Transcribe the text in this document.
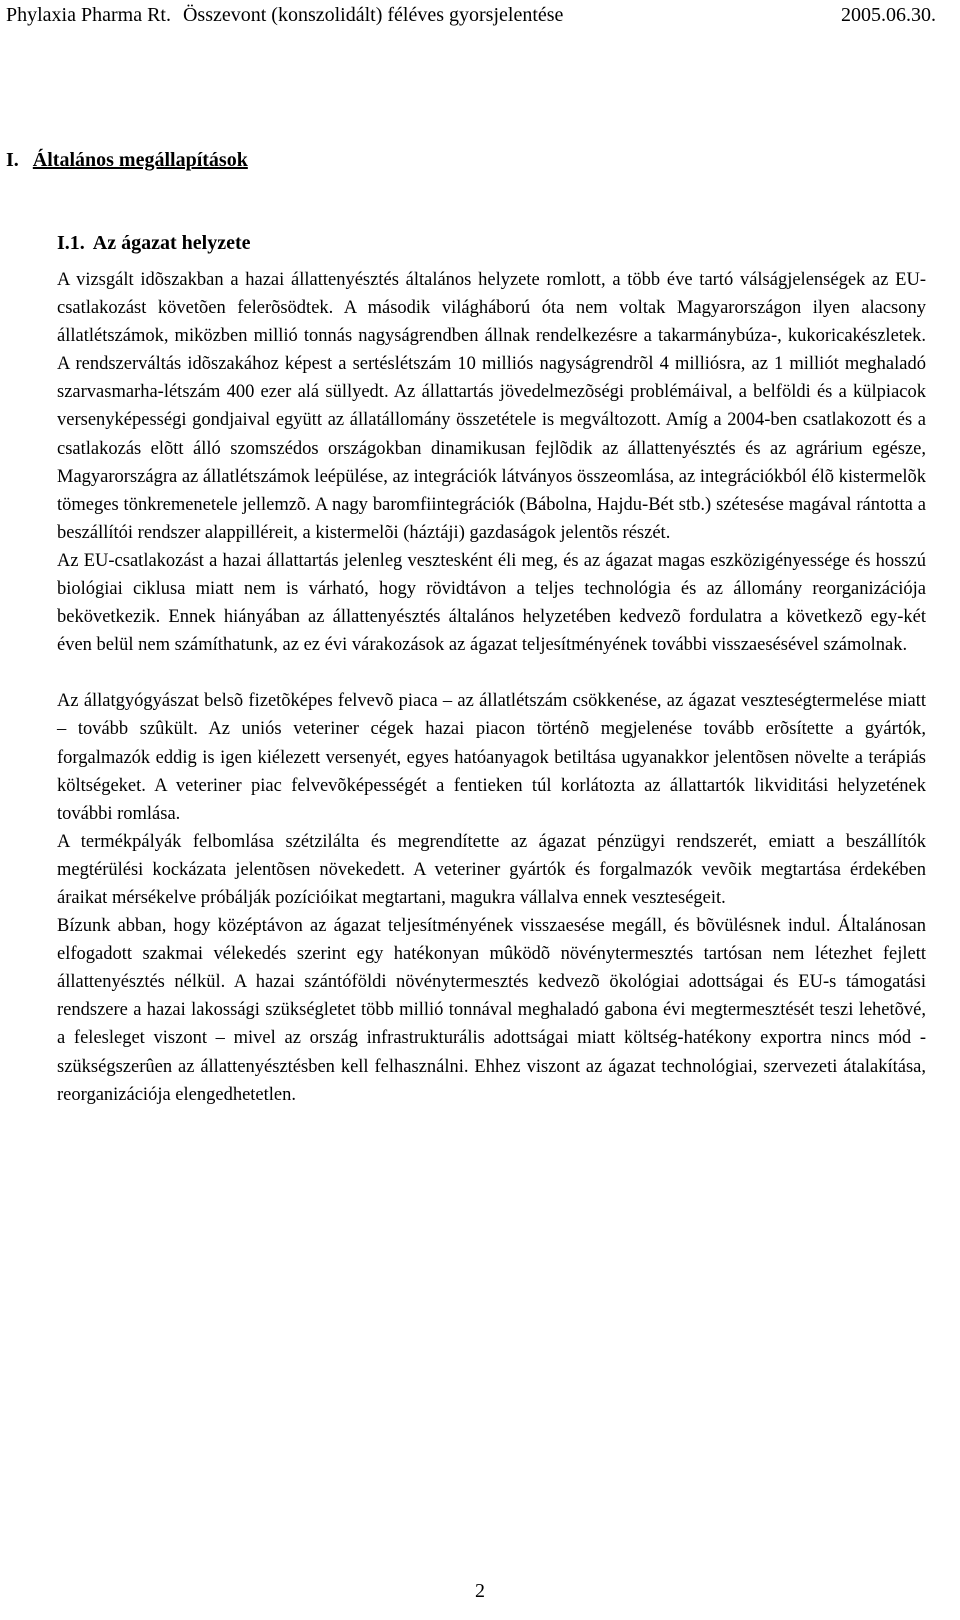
Phylaxia Pharma Rt. Összevont (konszolidált) féléves gyorsjelentése	2005.06.30.
I. Általános megállapítások
I.1. Az ágazat helyzete

A vizsgált idõszakban a hazai állattenyésztés általános helyzete romlott, a több éve tartó válságjelenségek az EU-csatlakozást követõen felerõsödtek. A második világháború óta nem voltak Magyarországon ilyen alacsony állatlétszámok, miközben millió tonnás nagyságrendben állnak rendelkezésre a takarmánybúza-, kukoricakészletek. A rendszerváltás idõszakához képest a sertéslétszám 10 milliós nagyságrendrõl 4 milliósra, az 1 milliót meghaladó szarvasmarha-létszám 400 ezer alá süllyedt. Az állattartás jövedelmezõségi problémáival, a belföldi és a külpiacok versenyképességi gondjaival együtt az állatállomány összetétele is megváltozott. Amíg a 2004-ben csatlakozott és a csatlakozás elõtt álló szomszédos országokban dinamikusan fejlõdik az állattenyésztés és az agrárium egésze, Magyarországra az állatlétszámok leépülése, az integrációk látványos összeomlása, az integrációkból élõ kistermelõk tömeges tönkremenetele jellemzõ. A nagy baromfiintegrációk (Bábolna, Hajdu-Bét stb.) szétesése magával rántotta a beszállítói rendszer alappilléreit, a kistermelõi (háztáji) gazdaságok jelentõs részét.

Az EU-csatlakozást a hazai állattartás jelenleg vesztesként éli meg, és az ágazat magas eszközigényessége és hosszú biológiai ciklusa miatt nem is várható, hogy rövidtávon a teljes technológia és az állomány reorganizációja bekövetkezik. Ennek hiányában az állattenyésztés általános helyzetében kedvezõ fordulatra a következõ egy-két éven belül nem számíthatunk, az ez évi várakozások az ágazat teljesítményének további visszaesésével számolnak.

Az állatgyógyászat belsõ fizetõképes felvevõ piaca – az állatlétszám csökkenése, az ágazat veszteségtermelése miatt – tovább szûkült. Az uniós veteriner cégek hazai piacon történõ megjelenése tovább erõsítette a gyártók, forgalmazók eddig is igen kiélezett versenyét, egyes hatóanyagok betiltása ugyanakkor jelentõsen növelte a terápiás költségeket. A veteriner piac felvevõképességét a fentieken túl korlátozta az állattartók likviditási helyzetének további romlása.

A termékpályák felbomlása szétzilálta és megrendítette az ágazat pénzügyi rendszerét, emiatt a beszállítók megtérülési kockázata jelentõsen növekedett. A veteriner gyártók és forgalmazók vevõik megtartása érdekében áraikat mérsékelve próbálják pozícióikat megtartani, magukra vállalva ennek veszteségeit.

Bízunk abban, hogy középtávon az ágazat teljesítményének visszaesése megáll, és bõvülésnek indul. Általánosan elfogadott szakmai vélekedés szerint egy hatékonyan mûködõ növénytermesztés tartósan nem létezhet fejlett állattenyésztés nélkül. A hazai szántóföldi növénytermesztés kedvezõ ökológiai adottságai és EU-s támogatási rendszere a hazai lakossági szükségletet több millió tonnával meghaladó gabona évi megtermesztését teszi lehetõvé, a felesleget viszont – mivel az ország infrastrukturális adottságai miatt költség-hatékony exportra nincs mód - szükségszerûen az állattenyésztésben kell felhasználni. Ehhez viszont az ágazat technológiai, szervezeti átalakítása, reorganizációja elengedhetetlen.

2
